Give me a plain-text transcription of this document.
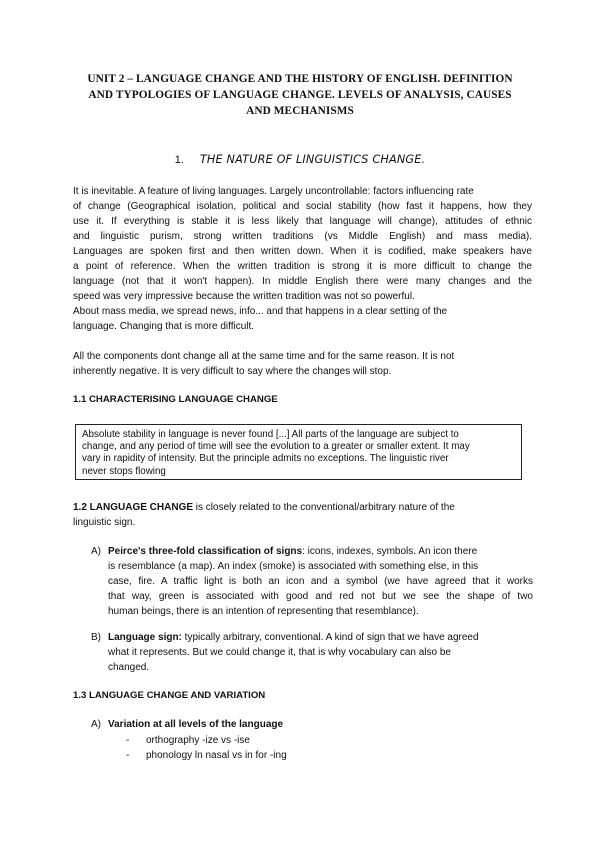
UNIT 2 – LANGUAGE CHANGE AND THE HISTORY OF ENGLISH. DEFINITION
AND TYPOLOGIES OF LANGUAGE CHANGE. LEVELS OF ANALYSIS, CAUSES
AND MECHANISMS
1. THE NATURE OF LINGUISTICS CHANGE.
It is inevitable. A feature of living languages. Largely uncontrollable: factors influencing rate
of change (Geographical isolation, political and social stability (how fast it happens, how they
use it. If everything is stable it is less likely that language will change), attitudes of ethnic
and linguistic purism, strong written traditions (vs Middle English) and mass media).
Languages are spoken first and then written down. When it is codified, make speakers have
a point of reference. When the written tradition is strong it is more difficult to change the
language (not that it won't happen). In middle English there were many changes and the
speed was very impressive because the written tradition was not so powerful.
About mass media, we spread news, info... and that happens in a clear setting of the
language. Changing that is more difficult.
All the components dont change all at the same time and for the same reason. It is not
inherently negative. It is very difficult to say where the changes will stop.
1.1 CHARACTERISING LANGUAGE CHANGE
Absolute stability in language is never found [...] All parts of the language are subject to
change, and any period of time will see the evolution to a greater or smaller extent. It may
vary in rapidity of intensity. But the principle admits no exceptions. The linguistic river
never stops flowing
1.2 LANGUAGE CHANGE is closely related to the conventional/arbitrary nature of the
linguistic sign.
A) Peirce's three-fold classification of signs: icons, indexes, symbols. An icon there
is resemblance (a map). An index (smoke) is associated with something else, in this
case, fire. A traffic light is both an icon and a symbol (we have agreed that it works
that way, green is associated with good and red not but we see the shape of two
human beings, there is an intention of representing that resemblance).
B) Language sign: typically arbitrary, conventional. A kind of sign that we have agreed
what it represents. But we could change it, that is why vocabulary can also be
changed.
1.3 LANGUAGE CHANGE AND VARIATION
A) Variation at all levels of the language
- orthography -ize vs -ise
- phonology ln nasal vs in for -ing
